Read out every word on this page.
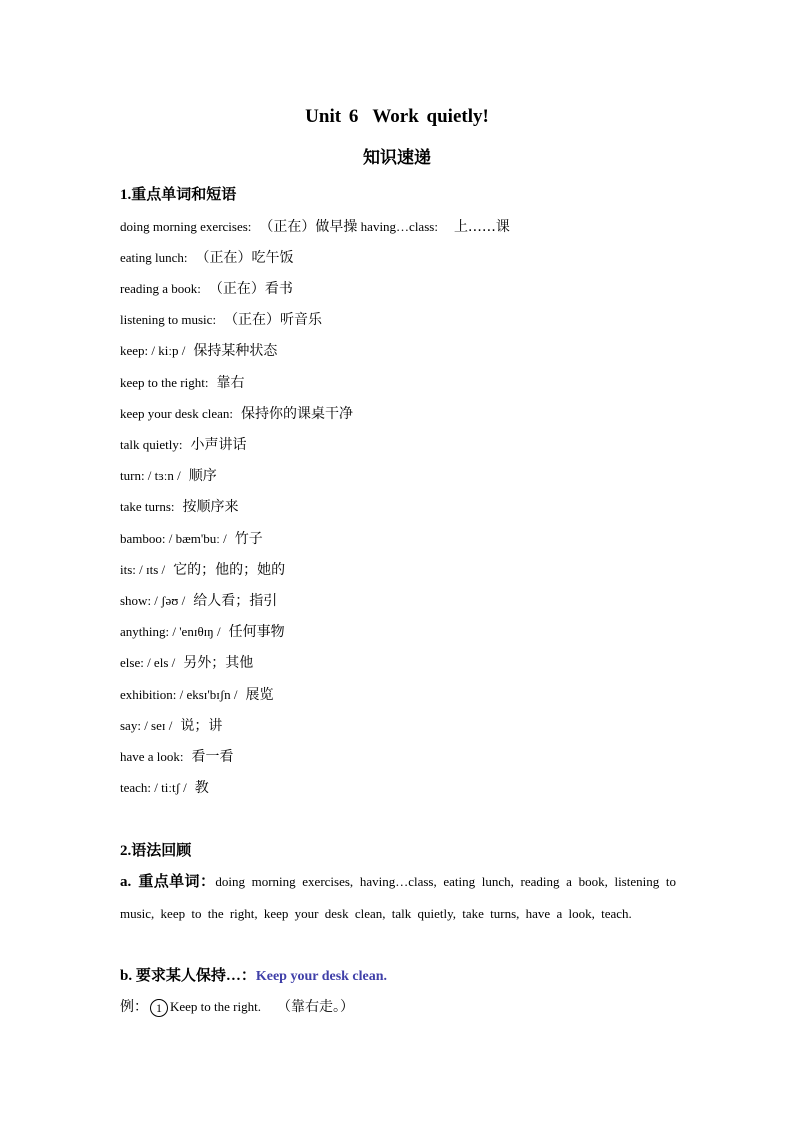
Unit 6 Work quietly!
知识速递
1.重点单词和短语
doing morning exercises: （正在）做早操 having…class: 上……课
eating lunch: （正在）吃午饭
reading a book: （正在）看书
listening to music: （正在）听音乐
keep: / kiːp / 保持某种状态
keep to the right: 靠右
keep your desk clean: 保持你的课桌干净
talk quietly: 小声讲话
turn: / tɜːn / 顺序
take turns: 按顺序来
bamboo: / bæm'buː / 竹子
its: / ɪts / 它的；他的；她的
show: / ʃəʊ / 给人看；指引
anything: / 'enɪθɪŋ / 任何事物
else: / els / 另外；其他
exhibition: / eksɪ'bɪʃn / 展览
say: / seɪ / 说；讲
have a look: 看一看
teach: / tiːtʃ / 教
2.语法回顾
a. 重点单词：doing morning exercises, having…class, eating lunch, reading a book, listening to music, keep to the right, keep your desk clean, talk quietly, take turns, have a look, teach.
b. 要求某人保持…：Keep your desk clean.
例： 1 Keep to the right. （靠右走。）
